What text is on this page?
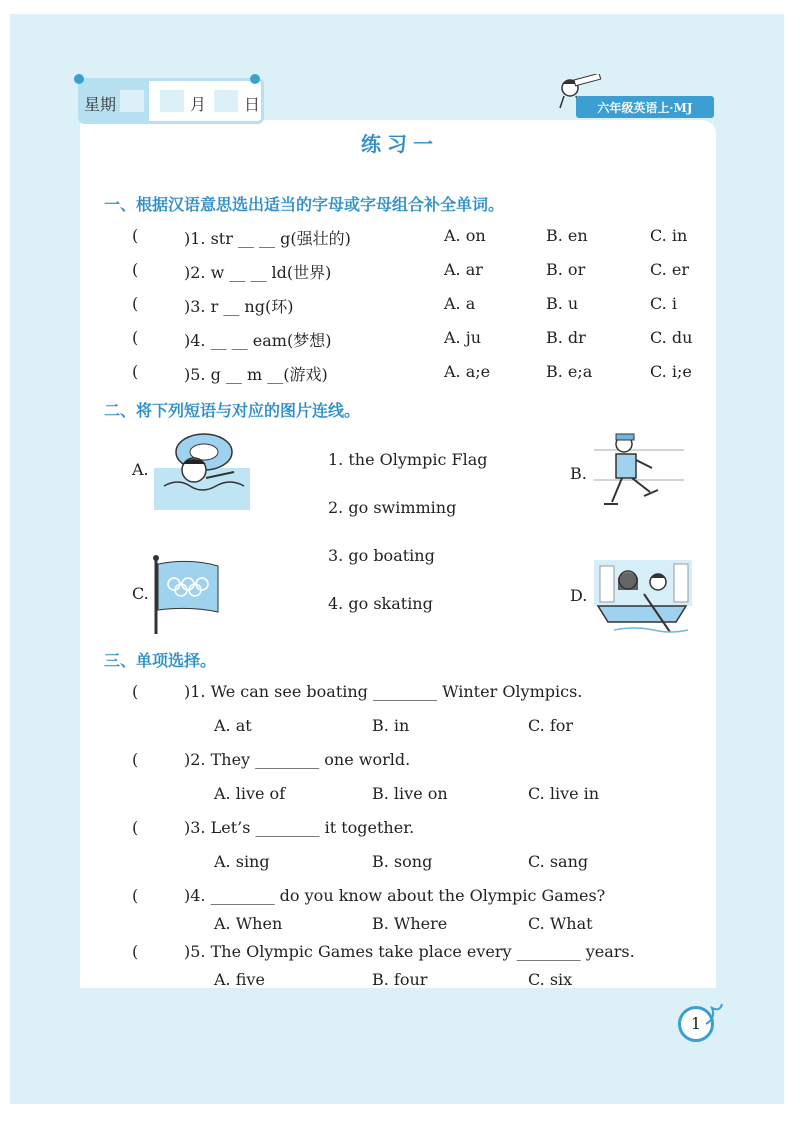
星期	月 日	六年级英语上·MJ
练习一
一、根据汉语意思选出适当的字母或字母组合补全单词。
(	)1. str __ __ g(强壮的)	A. on	B. en	C. in
(	)2. w __ __ ld(世界)	A. ar	B. or	C. er
(	)3. r __ ng(环)	A. a	B. u	C. i
(	)4. __ __ eam(梦想)	A. ju	B. dr	C. du
(	)5. g __ m __(游戏)	A. a;e	B. e;a	C. i;e
二、将下列短语与对应的图片连线。
A.	B.
1. the Olympic Flag
2. go swimming
3. go boating
4. go skating
C.	D.
三、单项选择。
(	)1. We can see boating ________ Winter Olympics.
A. at	B. in	C. for
(	)2. They ________ one world.
A. live of	B. live on	C. live in
(	)3. Let’s ________ it together.
A. sing	B. song	C. sang
(	)4. ________ do you know about the Olympic Games?
A. When	B. Where	C. What
(	)5. The Olympic Games take place every ________ years.
A. five	B. four	C. six
1
